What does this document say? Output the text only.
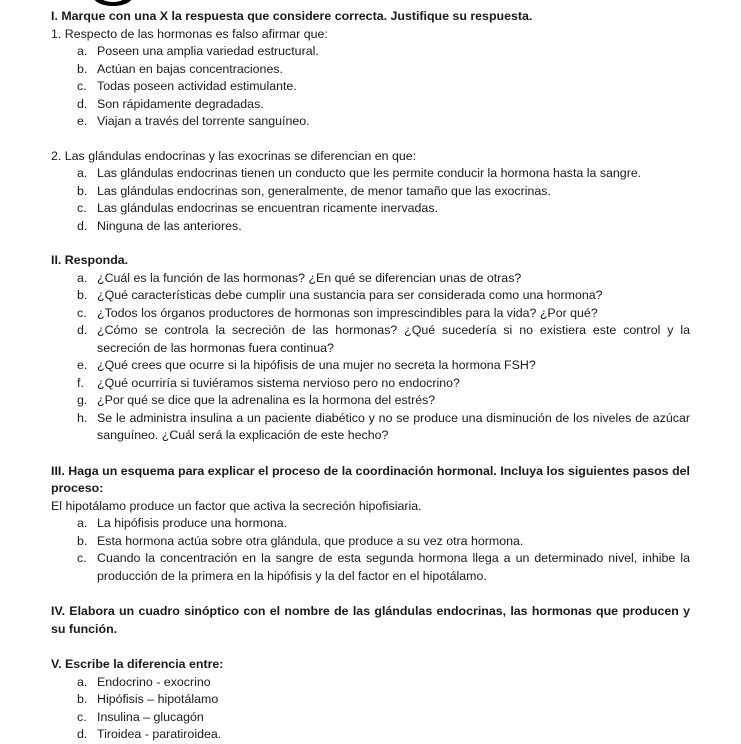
I. Marque con una X la respuesta que considere correcta. Justifique su respuesta.

1. Respecto de las hormonas es falso afirmar que:

a. Poseen una amplia variedad estructural.
b. Actúan en bajas concentraciones.
c. Todas poseen actividad estimulante.
d. Son rápidamente degradadas.
e. Viajan a través del torrente sanguíneo.

2. Las glándulas endocrinas y las exocrinas se diferencian en que:

a. Las glándulas endocrinas tienen un conducto que les permite conducir la hormona hasta la sangre.
b. Las glándulas endocrinas son, generalmente, de menor tamaño que las exocrinas.
c. Las glándulas endocrinas se encuentran ricamente inervadas.
d. Ninguna de las anteriores.

II. Responda.

a. ¿Cuál es la función de las hormonas? ¿En qué se diferencian unas de otras?
b. ¿Qué características debe cumplir una sustancia para ser considerada como una hormona?
c. ¿Todos los órganos productores de hormonas son imprescindibles para la vida? ¿Por qué?
d. ¿Cómo se controla la secreción de las hormonas? ¿Qué sucedería si no existiera este control y la secreción de las hormonas fuera continua?
e. ¿Qué crees que ocurre si la hipófisis de una mujer no secreta la hormona FSH?
f. ¿Qué ocurriría si tuviéramos sistema nervioso pero no endocrino?
g. ¿Por qué se dice que la adrenalina es la hormona del estrés?
h. Se le administra insulina a un paciente diabético y no se produce una disminución de los niveles de azúcar sanguíneo. ¿Cuál será la explicación de este hecho?

III. Haga un esquema para explicar el proceso de la coordinación hormonal. Incluya los siguientes pasos del proceso:

El hipotálamo produce un factor que activa la secreción hipofisiaria.

a. La hipófisis produce una hormona.
b. Esta hormona actúa sobre otra glándula, que produce a su vez otra hormona.
c. Cuando la concentración en la sangre de esta segunda hormona llega a un determinado nivel, inhibe la producción de la primera en la hipófisis y la del factor en el hipotálamo.

IV. Elabora un cuadro sinóptico con el nombre de las glándulas endocrinas, las hormonas que producen y su función.

V. Escribe la diferencia entre:

a. Endocrino - exocrino
b. Hipófisis – hipotálamo
c. Insulina – glucagón
d. Tiroidea - paratiroidea.
